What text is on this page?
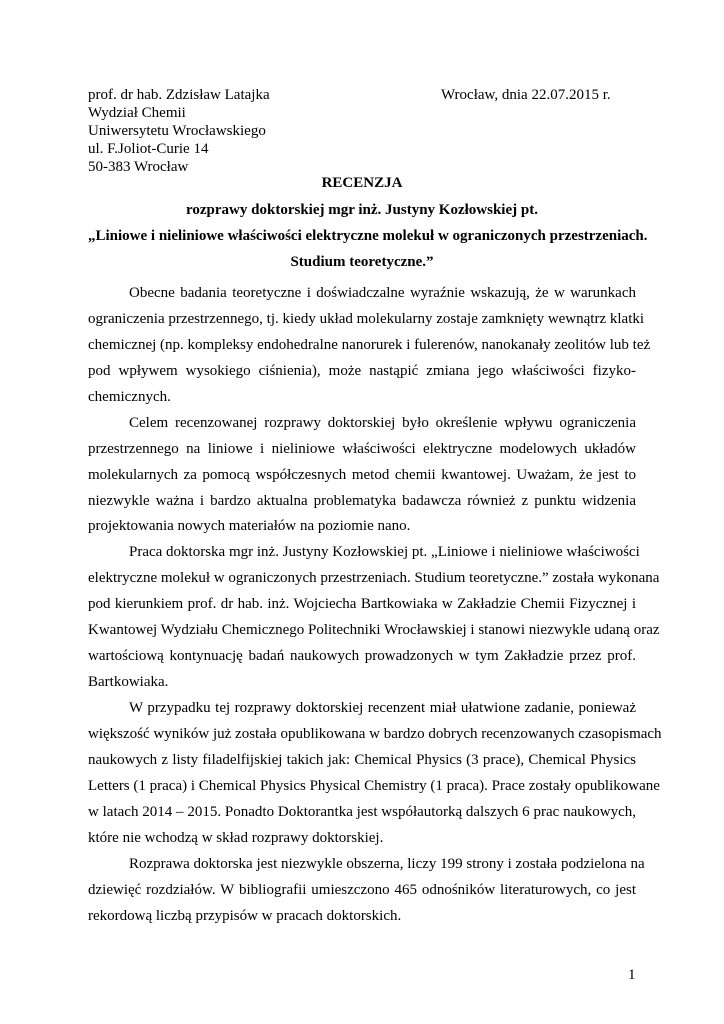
prof. dr hab. Zdzisław Latajka
Wydział Chemii
Uniwersytetu Wrocławskiego
ul. F.Joliot-Curie 14
50-383 Wrocław
Wrocław, dnia 22.07.2015 r.
RECENZJA
rozprawy doktorskiej mgr inż. Justyny Kozłowskiej pt.
„Liniowe i nieliniowe właściwości elektryczne molekuł w ograniczonych przestrzeniach.
Studium teoretyczne.”
Obecne badania teoretyczne i doświadczalne wyraźnie wskazują, że w warunkach
ograniczenia przestrzennego, tj. kiedy układ molekularny zostaje zamknięty wewnątrz klatki
chemicznej (np. kompleksy endohedralne nanorurek i fulerenów, nanokanały zeolitów lub też
pod wpływem wysokiego ciśnienia), może nastąpić zmiana jego właściwości fizyko-
chemicznych.
Celem recenzowanej rozprawy doktorskiej było określenie wpływu ograniczenia
przestrzennego na liniowe i nieliniowe właściwości elektryczne modelowych układów
molekularnych za pomocą współczesnych metod chemii kwantowej. Uważam, że jest to
niezwykle ważna i bardzo aktualna problematyka badawcza również z punktu widzenia
projektowania nowych materiałów na poziomie nano.
Praca doktorska mgr inż. Justyny Kozłowskiej pt. „Liniowe i nieliniowe właściwości
elektryczne molekuł w ograniczonych przestrzeniach. Studium teoretyczne.” została wykonana
pod kierunkiem prof. dr hab. inż. Wojciecha Bartkowiaka w Zakładzie Chemii Fizycznej i
Kwantowej Wydziału Chemicznego Politechniki Wrocławskiej i stanowi niezwykle udaną oraz
wartościową kontynuację badań naukowych prowadzonych w tym Zakładzie przez prof.
Bartkowiaka.
W przypadku tej rozprawy doktorskiej recenzent miał ułatwione zadanie, ponieważ
większość wyników już została opublikowana w bardzo dobrych recenzowanych czasopismach
naukowych z listy filadelfijskiej takich jak: Chemical Physics (3 prace), Chemical Physics
Letters (1 praca) i Chemical Physics Physical Chemistry (1 praca). Prace zostały opublikowane
w latach 2014 – 2015. Ponadto Doktorantka jest współautorką dalszych 6 prac naukowych,
które nie wchodzą w skład rozprawy doktorskiej.
Rozprawa doktorska jest niezwykle obszerna, liczy 199 strony i została podzielona na
dziewięć rozdziałów. W bibliografii umieszczono 465 odnośników literaturowych, co jest
rekordową liczbą przypisów w pracach doktorskich.
1
